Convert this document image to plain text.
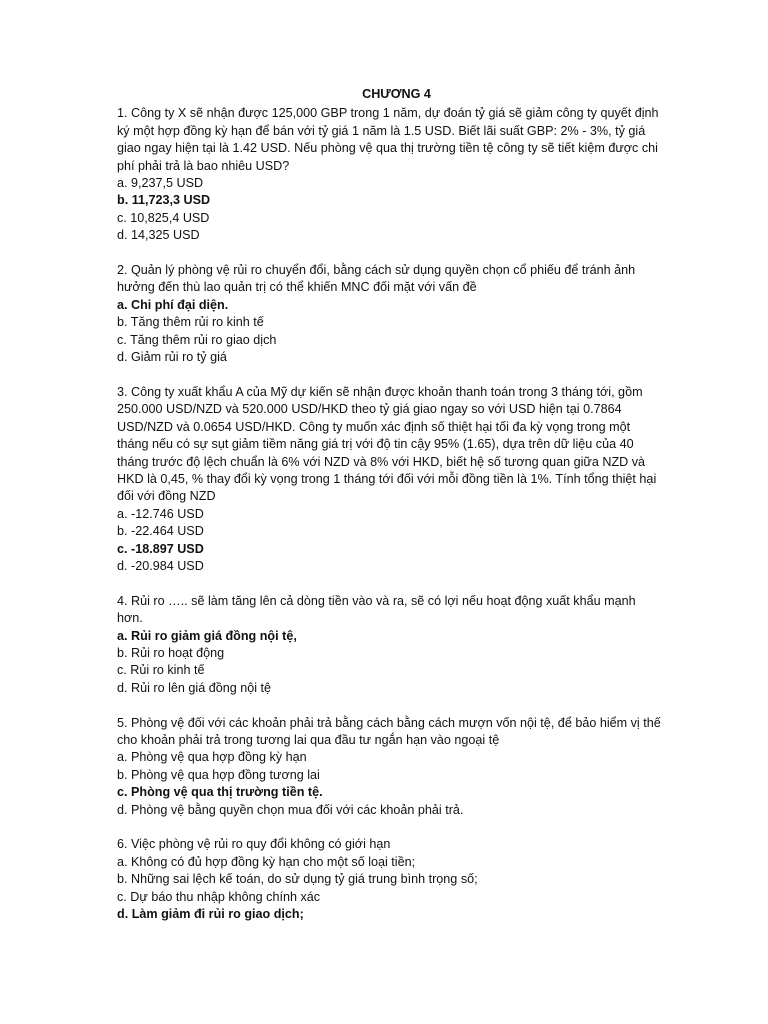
CHƯƠNG 4

1. Công ty X sẽ nhận được 125,000 GBP trong 1 năm, dự đoán tỷ giá sẽ giảm công ty quyết định ký một hợp đồng kỳ hạn để bán với tỷ giá 1 năm là 1.5 USD. Biết lãi suất GBP: 2% - 3%, tỷ giá giao ngay hiện tại là 1.42 USD. Nếu phòng vệ qua thị trường tiền tệ công ty sẽ tiết kiệm được chi phí phải trả là bao nhiêu USD?

a. 9,237,5 USD

b. 11,723,3 USD

c. 10,825,4 USD

d. 14,325 USD

2. Quản lý phòng vệ rủi ro chuyển đổi, bằng cách sử dụng quyền chọn cổ phiếu để tránh ảnh hưởng đến thù lao quản trị có thể khiến MNC đối mặt với vấn đề

a. Chi phí đại diện.

b. Tăng thêm rủi ro kinh tế

c. Tăng thêm rủi ro giao dịch

d. Giảm rủi ro tỷ giá

3. Công ty xuất khẩu A của Mỹ dự kiến sẽ nhận được khoản thanh toán trong 3 tháng tới, gồm 250.000 USD/NZD và 520.000 USD/HKD theo tỷ giá giao ngay so với USD hiện tại 0.7864 USD/NZD và 0.0654 USD/HKD. Công ty muốn xác định số thiệt hại tối đa kỳ vọng trong một tháng nếu có sự sụt giảm tiềm năng giá trị với độ tin cậy 95% (1.65), dựa trên dữ liệu của 40 tháng trước độ lệch chuẩn là 6% với NZD và 8% với HKD, biết hệ số tương quan giữa NZD và HKD là 0,45, % thay đổi kỳ vọng trong 1 tháng tới đối với mỗi đồng tiền là 1%. Tính tổng thiệt hại đối với đồng NZD

a. -12.746 USD

b. -22.464 USD

c. -18.897 USD

d. -20.984 USD

4. Rủi ro ….. sẽ làm tăng lên cả dòng tiền vào và ra, sẽ có lợi nếu hoạt động xuất khẩu mạnh hơn.

a. Rủi ro giảm giá đồng nội tệ,

b. Rủi ro hoạt động

c. Rủi ro kinh tế

d. Rủi ro lên giá đồng nội tệ

5. Phòng vệ đối với các khoản phải trả bằng cách bằng cách mượn vốn nội tệ, để bảo hiểm vị thế cho khoản phải trả trong tương lai qua đầu tư ngắn hạn vào ngoại tệ

a. Phòng vệ qua hợp đồng kỳ hạn

b. Phòng vệ qua hợp đồng tương lai

c. Phòng vệ qua thị trường tiền tệ.

d. Phòng vệ bằng quyền chọn mua đối với các khoản phải trả.

6. Việc phòng vệ rủi ro quy đổi không có giới hạn

a. Không có đủ hợp đồng kỳ hạn cho một số loại tiền;

b. Những sai lệch kế toán, do sử dụng tỷ giá trung bình trọng số;

c. Dự báo thu nhập không chính xác

d. Làm giảm đi rủi ro giao dịch;
